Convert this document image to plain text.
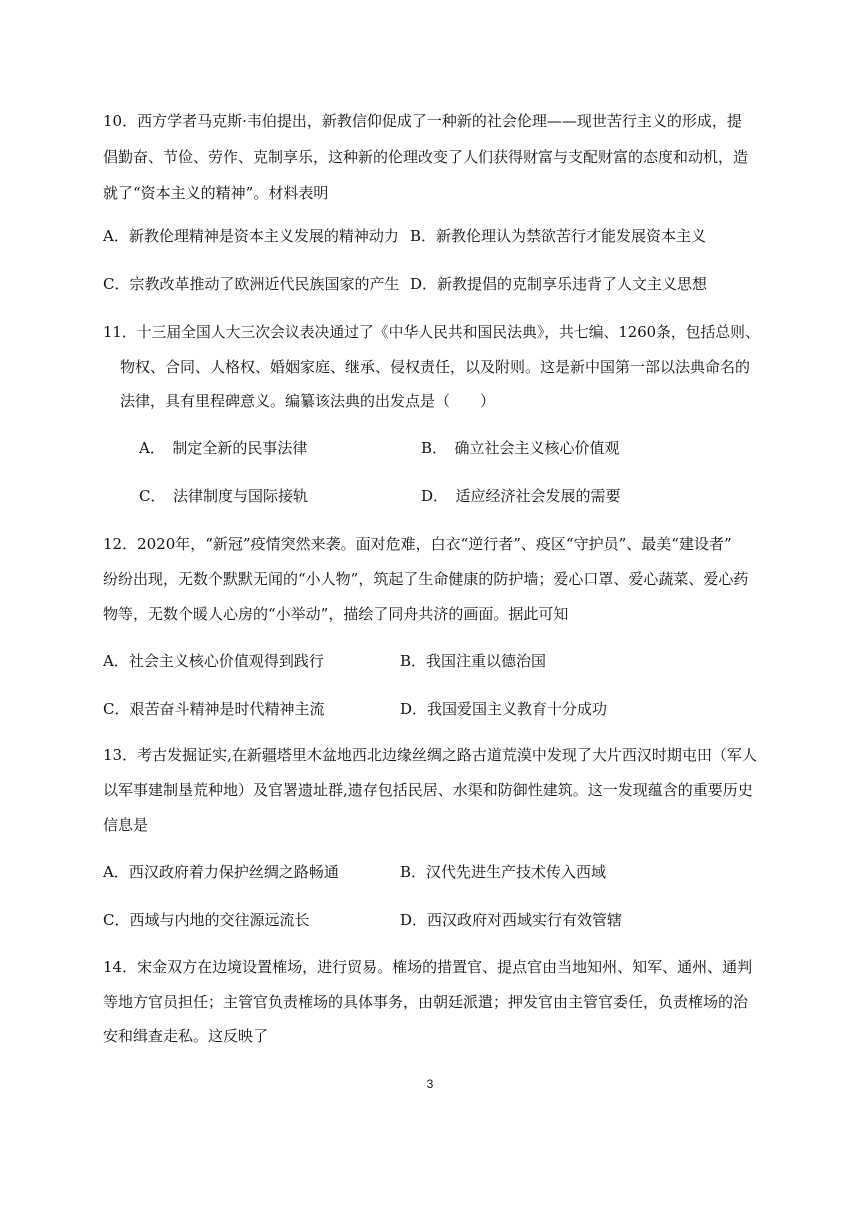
10．西方学者马克斯·韦伯提出，新教信仰促成了一种新的社会伦理——现世苦行主义的形成，提
倡勤奋、节俭、劳作、克制享乐，这种新的伦理改变了人们获得财富与支配财富的态度和动机，造
就了“资本主义的精神”。材料表明
A．新教伦理精神是资本主义发展的精神动力 B．新教伦理认为禁欲苦行才能发展资本主义
C．宗教改革推动了欧洲近代民族国家的产生 D．新教提倡的克制享乐违背了人文主义思想
11．十三届全国人大三次会议表决通过了《中华人民共和国民法典》，共七编、1260条，包括总则、
物权、合同、人格权、婚姻家庭、继承、侵权责任，以及附则。这是新中国第一部以法典命名的
法律，具有里程碑意义。编纂该法典的出发点是（　　）
A．　制定全新的民事法律	B．　确立社会主义核心价值观
C．　法律制度与国际接轨	D．　适应经济社会发展的需要
12．2020年，“新冠”疫情突然来袭。面对危难，白衣“逆行者”、疫区“守护员”、最美“建设者”
纷纷出现，无数个默默无闻的“小人物”，筑起了生命健康的防护墙；爱心口罩、爱心蔬菜、爱心药
物等，无数个暖人心房的“小举动”，描绘了同舟共济的画面。据此可知
A．社会主义核心价值观得到践行	B．我国注重以德治国
C．艰苦奋斗精神是时代精神主流	D．我国爱国主义教育十分成功
13．考古发掘证实,在新疆塔里木盆地西北边缘丝绸之路古道荒漠中发现了大片西汉时期屯田（军人
以军事建制垦荒种地）及官署遗址群,遗存包括民居、水渠和防御性建筑。这一发现蕴含的重要历史
信息是
A．西汉政府着力保护丝绸之路畅通	B．汉代先进生产技术传入西域
C．西域与内地的交往源远流长	D．西汉政府对西域实行有效管辖
14．宋金双方在边境设置榷场，进行贸易。榷场的措置官、提点官由当地知州、知军、通州、通判
等地方官员担任；主管官负责榷场的具体事务，由朝廷派遣；押发官由主管官委任，负责榷场的治
安和缉查走私。这反映了
3
